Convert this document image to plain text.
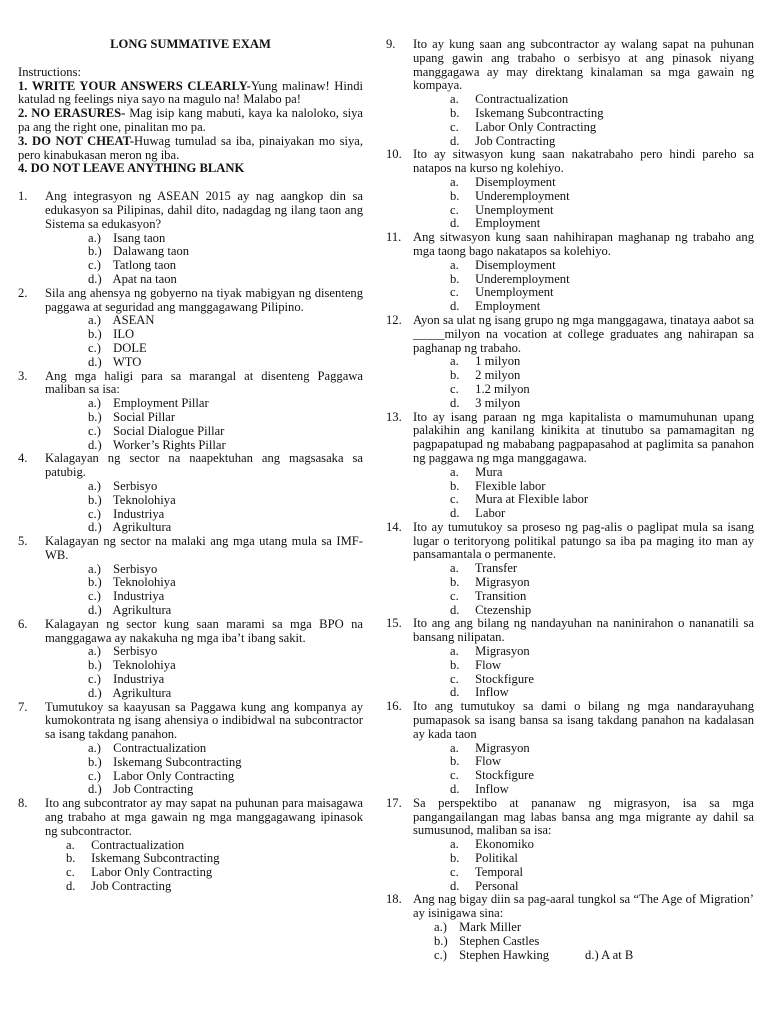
LONG SUMMATIVE EXAM

Instructions:

1. WRITE YOUR ANSWERS CLEARLY-Yung malinaw! Hindi katulad ng feelings niya sayo na magulo na! Malabo pa!

2. NO ERASURES- Mag isip kang mabuti, kaya ka naloloko, siya pa ang the right one, pinalitan mo pa.

3. DO NOT CHEAT-Huwag tumulad sa iba, pinaiyakan mo siya, pero kinabukasan meron ng iba.

4. DO NOT LEAVE ANYTHING BLANK

1. Ang integrasyon ng ASEAN 2015 ay nag aangkop din sa edukasyon sa Pilipinas, dahil dito, nadagdag ng ilang taon ang Sistema sa edukasyon?
a.) Isang taon
b.) Dalawang taon
c.) Tatlong taon
d.) Apat na taon
2. Sila ang ahensya ng gobyerno na tiyak mabigyan ng disenteng paggawa at seguridad ang manggagawang Pilipino.
a.) ASEAN
b.) ILO
c.) DOLE
d.) WTO
3. Ang mga haligi para sa marangal at disenteng Paggawa maliban sa isa:
a.) Employment Pillar
b.) Social Pillar
c.) Social Dialogue Pillar
d.) Worker’s Rights Pillar
4. Kalagayan ng sector na naapektuhan ang magsasaka sa patubig.
a.) Serbisyo
b.) Teknolohiya
c.) Industriya
d.) Agrikultura
5. Kalagayan ng sector na malaki ang mga utang mula sa IMF-WB.
a.) Serbisyo
b.) Teknolohiya
c.) Industriya
d.) Agrikultura
6. Kalagayan ng sector kung saan marami sa mga BPO na manggagawa ay nakakuha ng mga iba’t ibang sakit.
a.) Serbisyo
b.) Teknolohiya
c.) Industriya
d.) Agrikultura
7. Tumutukoy sa kaayusan sa Paggawa kung ang kompanya ay kumokontrata ng isang ahensiya o indibidwal na subcontractor sa isang takdang panahon.
a.) Contractualization
b.) Iskemang Subcontracting
c.) Labor Only Contracting
d.) Job Contracting
8. Ito ang subcontrator ay may sapat na puhunan para maisagawa ang trabaho at mga gawain ng mga manggagawang ipinasok ng subcontractor.
a. Contractualization
b. Iskemang Subcontracting
c. Labor Only Contracting
d. Job Contracting
9. Ito ay kung saan ang subcontractor ay walang sapat na puhunan upang gawin ang trabaho o serbisyo at ang pinasok niyang manggagawa ay may direktang kinalaman sa mga gawain ng kompaya.
a. Contractualization
b. Iskemang Subcontracting
c. Labor Only Contracting
d. Job Contracting
10. Ito ay sitwasyon kung saan nakatrabaho pero hindi pareho sa natapos na kurso ng kolehiyo.
a. Disemployment
b. Underemployment
c. Unemployment
d. Employment
11. Ang sitwasyon kung saan nahihirapan maghanap ng trabaho ang mga taong bago nakatapos sa kolehiyo.
a. Disemployment
b. Underemployment
c. Unemployment
d. Employment
12. Ayon sa ulat ng isang grupo ng mga manggagawa, tinataya aabot sa _____milyon na vocation at college graduates ang nahirapan sa paghanap ng trabaho.
a. 1 milyon
b. 2 milyon
c. 1.2 milyon
d. 3 milyon
13. Ito ay isang paraan ng mga kapitalista o mamumuhunan upang palakihin ang kanilang kinikita at tinutubo sa pamamagitan ng pagpapatupad ng mababang pagpapasahod at paglimita sa panahon ng paggawa ng mga manggagawa.
a. Mura
b. Flexible labor
c. Mura at Flexible labor
d. Labor
14. Ito ay tumutukoy sa proseso ng pag-alis o paglipat mula sa isang lugar o teritoryong politikal patungo sa iba pa maging ito man ay pansamantala o permanente.
a. Transfer
b. Migrasyon
c. Transition
d. Ctezenship
15. Ito ang ang bilang ng nandayuhan na naninirahon o nananatili sa bansang nilipatan.
a. Migrasyon
b. Flow
c. Stockfigure
d. Inflow
16. Ito ang tumutukoy sa dami o bilang ng mga nandarayuhang pumapasok sa isang bansa sa isang takdang panahon na kadalasan ay kada taon
a. Migrasyon
b. Flow
c. Stockfigure
d. Inflow
17. Sa perspektibo at pananaw ng migrasyon, isa sa mga pangangailangan mag labas bansa ang mga migrante ay dahil sa sumusunod, maliban sa isa:
a. Ekonomiko
b. Politikal
c. Temporal
d. Personal
18. Ang nag bigay diin sa pag-aaral tungkol sa “The Age of Migration’ ay isinigawa sina:
a.) Mark Miller
b.) Stephen Castles
c.) Stephen Hawking	d.) A at B
